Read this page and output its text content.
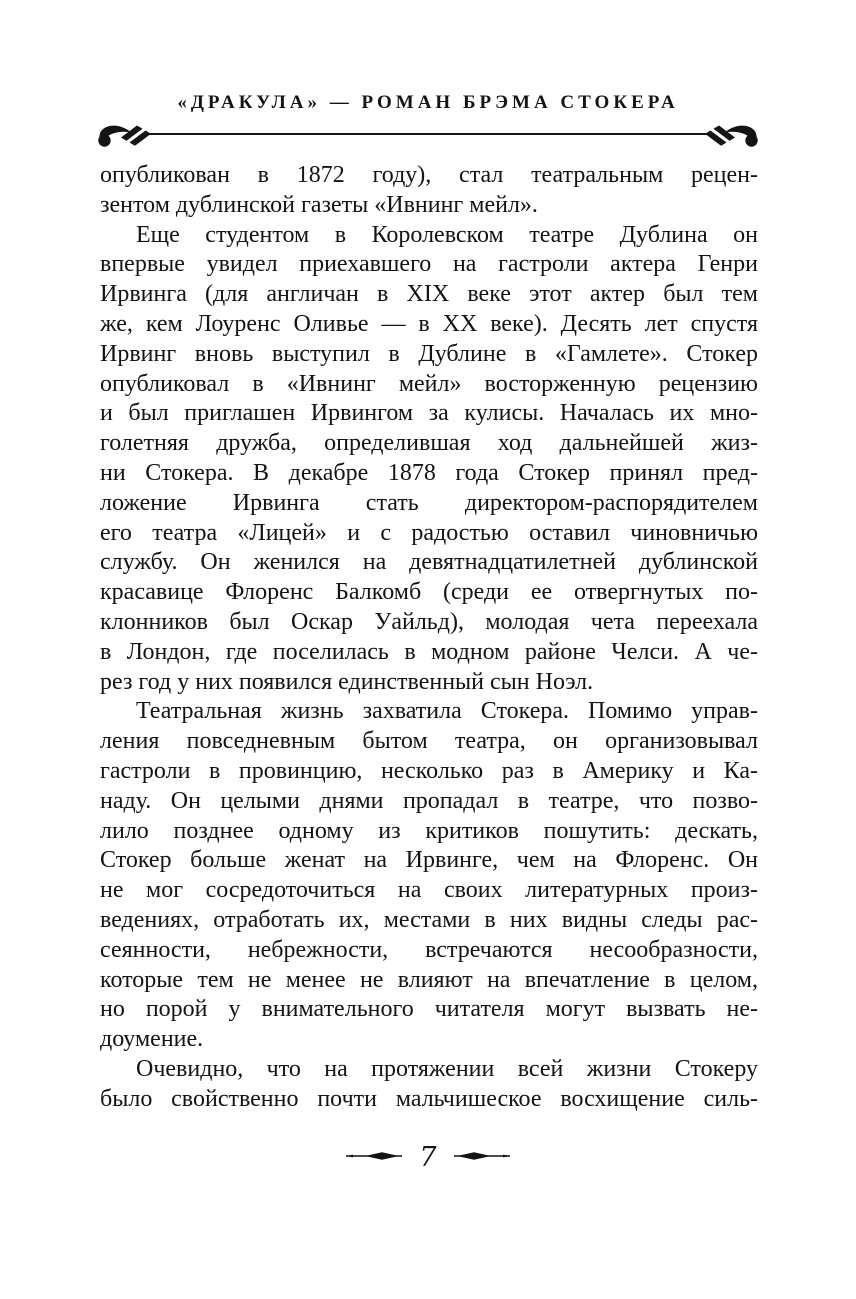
«ДРАКУЛА» — РОМАН БРЭМА СТОКЕРА
опубликован в 1872 году), стал театральным рецен-
зентом дублинской газеты «Ивнинг мейл».
Еще студентом в Королевском театре Дублина он
впервые увидел приехавшего на гастроли актера Генри
Ирвинга (для англичан в XIX веке этот актер был тем
же, кем Лоуренс Оливье — в XX веке). Десять лет спустя
Ирвинг вновь выступил в Дублине в «Гамлете». Стокер
опубликовал в «Ивнинг мейл» восторженную рецензию
и был приглашен Ирвингом за кулисы. Началась их мно-
голетняя дружба, определившая ход дальнейшей жиз-
ни Стокера. В декабре 1878 года Стокер принял пред-
ложение Ирвинга стать директором-распорядителем
его театра «Лицей» и с радостью оставил чиновничью
службу. Он женился на девятнадцатилетней дублинской
красавице Флоренс Балкомб (среди ее отвергнутых по-
клонников был Оскар Уайльд), молодая чета переехала
в Лондон, где поселилась в модном районе Челси. А че-
рез год у них появился единственный сын Ноэл.
Театральная жизнь захватила Стокера. Помимо управ-
ления повседневным бытом театра, он организовывал
гастроли в провинцию, несколько раз в Америку и Ка-
наду. Он целыми днями пропадал в театре, что позво-
лило позднее одному из критиков пошутить: дескать,
Стокер больше женат на Ирвинге, чем на Флоренс. Он
не мог сосредоточиться на своих литературных произ-
ведениях, отработать их, местами в них видны следы рас-
сеянности, небрежности, встречаются несообразности,
которые тем не менее не влияют на впечатление в целом,
но порой у внимательного читателя могут вызвать не-
доумение.
Очевидно, что на протяжении всей жизни Стокеру
было свойственно почти мальчишеское восхищение силь-
7
